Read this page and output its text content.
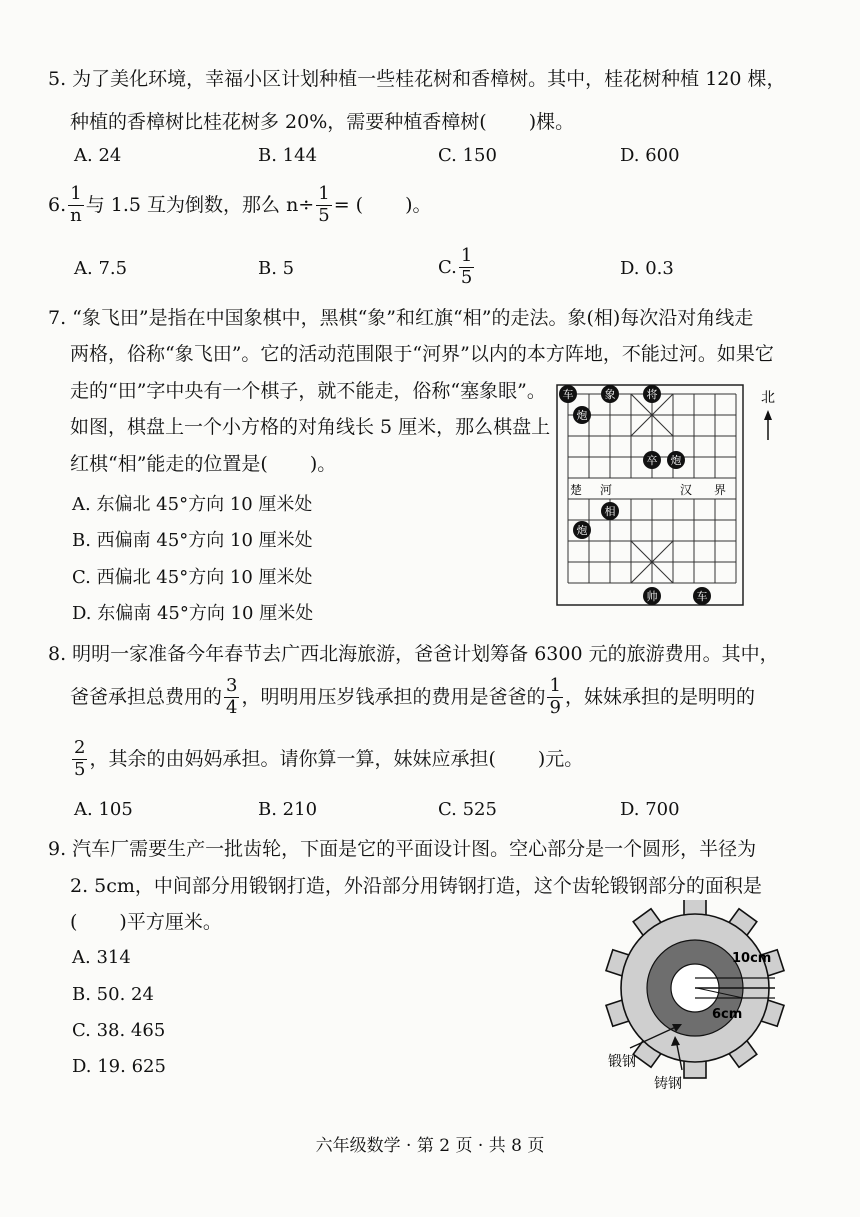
5. 为了美化环境，幸福小区计划种植一些桂花树和香樟树。其中，桂花树种植 120 棵，
种植的香樟树比桂花树多 20%，需要种植香樟树( )棵。
A. 24	B. 144	C. 150	D. 600
6. $\frac{1}{n}$ 与 1.5 互为倒数，那么 $n\div \frac{1}{5}$ = ( )。
A. 7.5	B. 5	C. $\frac{1}{5}$	D. 0.3
7. “象飞田”是指在中国象棋中，黑棋“象”和红旗“相”的走法。象(相)每次沿对角线走
两格，俗称“象飞田”。它的活动范围限于“河界”以内的本方阵地，不能过河。如果它
走的“田”字中央有一个棋子，就不能走，俗称“塞象眼”。
如图，棋盘上一个小方格的对角线长 5 厘米，那么棋盘上
红棋“相”能走的位置是( )。
A. 东偏北 45°方向 10 厘米处
B. 西偏南 45°方向 10 厘米处
C. 西偏北 45°方向 10 厘米处
D. 东偏南 45°方向 10 厘米处
楚 河	汉 界
车	象	将
炮
卒 炮
相
炮
帅	车
北
8. 明明一家准备今年春节去广西北海旅游，爸爸计划筹备 6300 元的旅游费用。其中，
爸爸承担总费用的 $\frac{3}{4}$ ，明明用压岁钱承担的费用是爸爸的 $\frac{1}{9}$ ，妹妹承担的是明明的
$\frac{2}{5}$ ，其余的由妈妈承担。请你算一算，妹妹应承担( )元。
A. 105	B. 210	C. 525	D. 700
9. 汽车厂需要生产一批齿轮，下面是它的平面设计图。空心部分是一个圆形，半径为
2. 5cm，中间部分用锻钢打造，外沿部分用铸钢打造，这个齿轮锻钢部分的面积是
( )平方厘米。
A. 314
B. 50. 24
C. 38. 465
D. 19. 625
10cm
6cm
锻钢
铸钢
六年级数学 · 第 2 页 · 共 8 页
